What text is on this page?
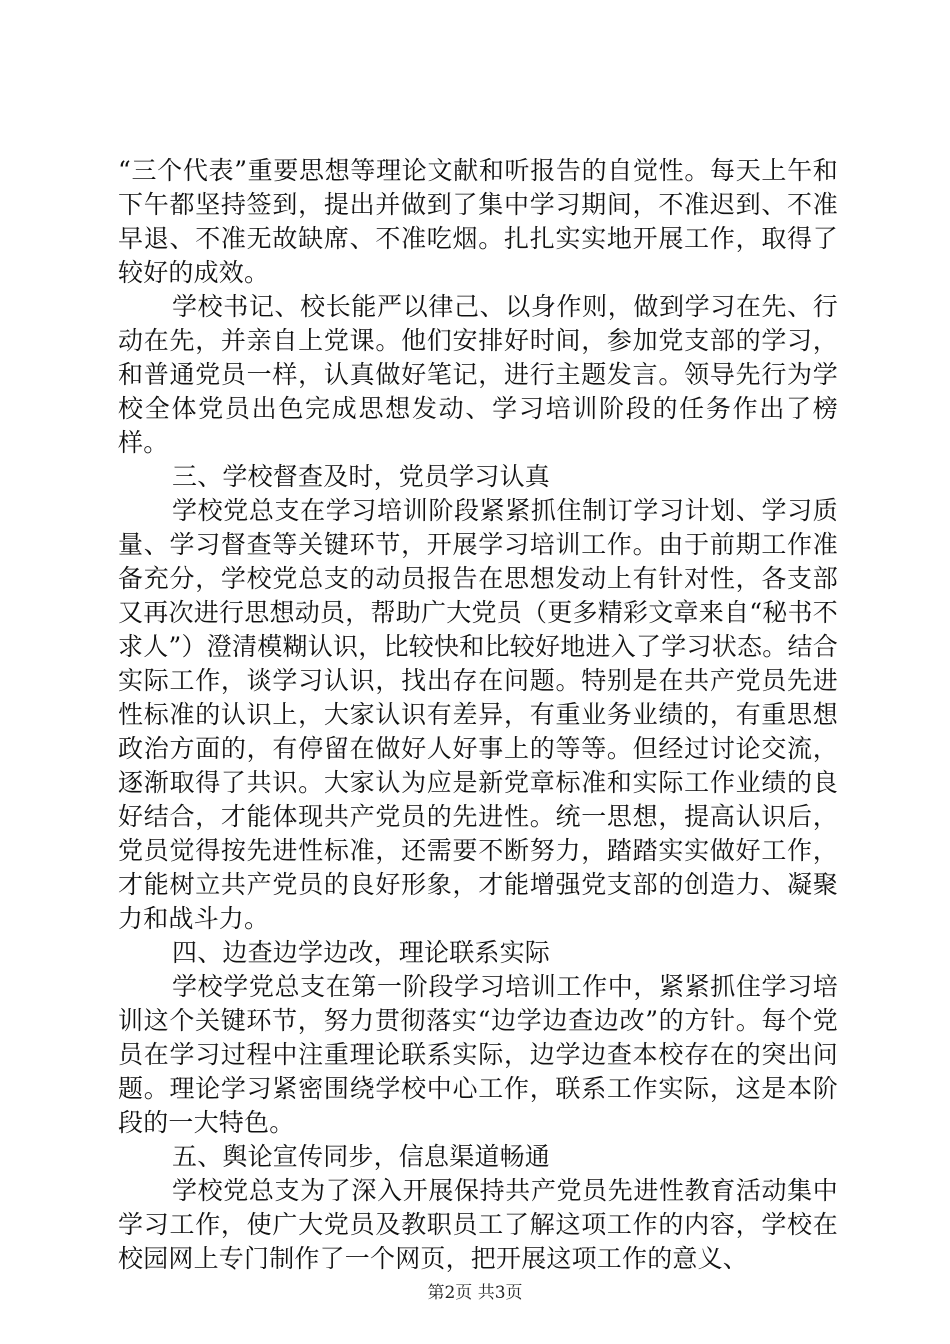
“三个代表”重要思想等理论文献和听报告的自觉性。每天上午和下午都坚持签到，提出并做到了集中学习期间，不准迟到、不准早退、不准无故缺席、不准吃烟。扎扎实实地开展工作，取得了较好的成效。

学校书记、校长能严以律己、以身作则，做到学习在先、行动在先，并亲自上党课。他们安排好时间，参加党支部的学习，和普通党员一样，认真做好笔记，进行主题发言。领导先行为学校全体党员出色完成思想发动、学习培训阶段的任务作出了榜样。

三、学校督查及时，党员学习认真

学校党总支在学习培训阶段紧紧抓住制订学习计划、学习质量、学习督查等关键环节，开展学习培训工作。由于前期工作准备充分，学校党总支的动员报告在思想发动上有针对性，各支部又再次进行思想动员，帮助广大党员（更多精彩文章来自“秘书不求人”）澄清模糊认识，比较快和比较好地进入了学习状态。结合实际工作，谈学习认识，找出存在问题。特别是在共产党员先进性标准的认识上，大家认识有差异，有重业务业绩的，有重思想政治方面的，有停留在做好人好事上的等等。但经过讨论交流，逐渐取得了共识。大家认为应是新党章标准和实际工作业绩的良好结合，才能体现共产党员的先进性。统一思想，提高认识后，党员觉得按先进性标准，还需要不断努力，踏踏实实做好工作，才能树立共产党员的良好形象，才能增强党支部的创造力、凝聚力和战斗力。

四、边查边学边改，理论联系实际

学校学党总支在第一阶段学习培训工作中，紧紧抓住学习培训这个关键环节，努力贯彻落实“边学边查边改”的方针。每个党员在学习过程中注重理论联系实际，边学边查本校存在的突出问题。理论学习紧密围绕学校中心工作，联系工作实际，这是本阶段的一大特色。

五、舆论宣传同步，信息渠道畅通

学校党总支为了深入开展保持共产党员先进性教育活动集中学习工作，使广大党员及教职员工了解这项工作的内容，学校在校园网上专门制作了一个网页，把开展这项工作的意义、

第2页 共3页
